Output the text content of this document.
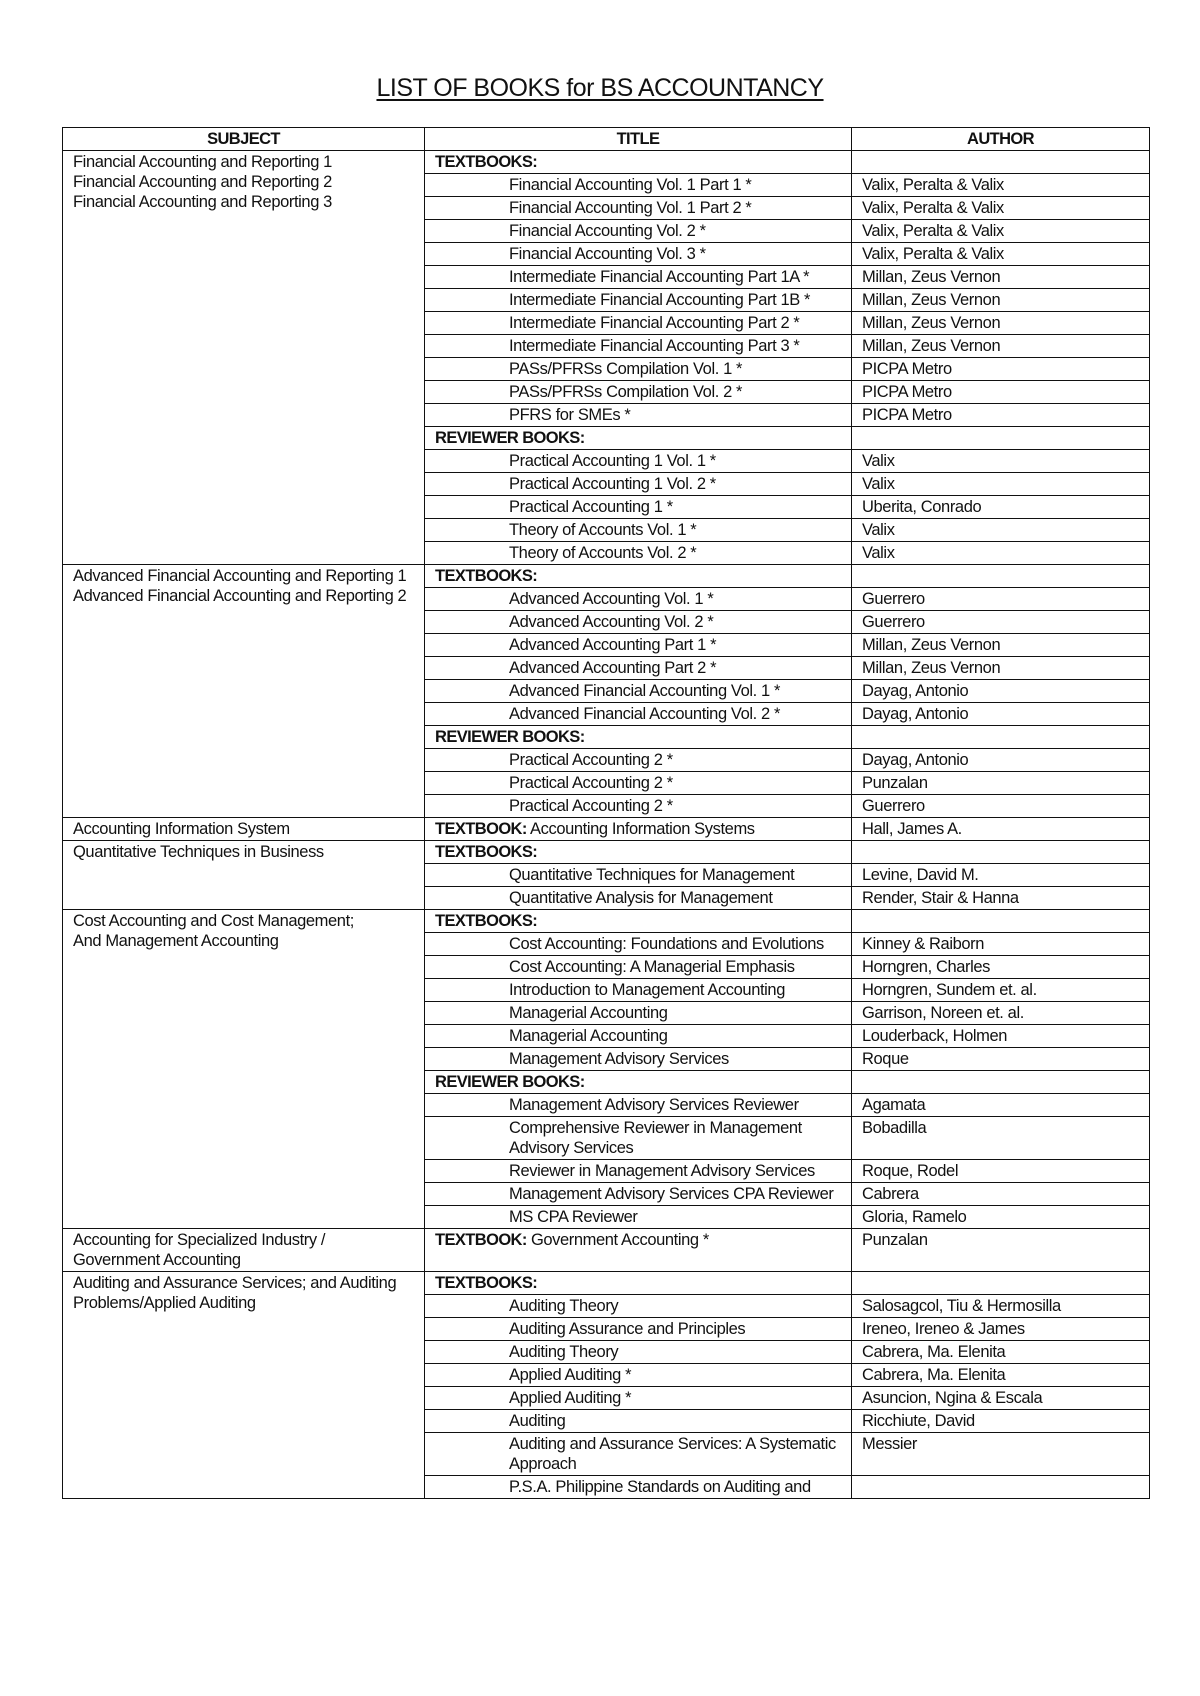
LIST OF BOOKS for BS ACCOUNTANCY
SUBJECT	TITLE	AUTHOR

Financial Accounting and Reporting 1
Financial Accounting and Reporting 2
Financial Accounting and Reporting 3	TEXTBOOKS:	
	Financial Accounting Vol. 1 Part 1 *	Valix, Peralta & Valix
	Financial Accounting Vol. 1 Part 2 *	Valix, Peralta & Valix
	Financial Accounting Vol. 2 *	Valix, Peralta & Valix
	Financial Accounting Vol. 3 *	Valix, Peralta & Valix
	Intermediate Financial Accounting Part 1A *	Millan, Zeus Vernon
	Intermediate Financial Accounting Part 1B *	Millan, Zeus Vernon
	Intermediate Financial Accounting Part 2 *	Millan, Zeus Vernon
	Intermediate Financial Accounting Part 3 *	Millan, Zeus Vernon
	PASs/PFRSs Compilation Vol. 1 *	PICPA Metro
	PASs/PFRSs Compilation Vol. 2 *	PICPA Metro
	PFRS for SMEs *	PICPA Metro
	REVIEWER BOOKS:	
	Practical Accounting 1 Vol. 1 *	Valix
	Practical Accounting 1 Vol. 2 *	Valix
	Practical Accounting 1 *	Uberita, Conrado
	Theory of Accounts Vol. 1 *	Valix
	Theory of Accounts Vol. 2 *	Valix

Advanced Financial Accounting and Reporting 1
Advanced Financial Accounting and Reporting 2	TEXTBOOKS:	
	Advanced Accounting Vol. 1 *	Guerrero
	Advanced Accounting Vol. 2 *	Guerrero
	Advanced Accounting Part 1 *	Millan, Zeus Vernon
	Advanced Accounting Part 2 *	Millan, Zeus Vernon
	Advanced Financial Accounting Vol. 1 *	Dayag, Antonio
	Advanced Financial Accounting Vol. 2 *	Dayag, Antonio
	REVIEWER BOOKS:	
	Practical Accounting 2 *	Dayag, Antonio
	Practical Accounting 2 *	Punzalan
	Practical Accounting 2 *	Guerrero

Accounting Information System	TEXTBOOK: Accounting Information Systems	Hall, James A.

Quantitative Techniques in Business	TEXTBOOKS:	
	Quantitative Techniques for Management	Levine, David M.
	Quantitative Analysis for Management	Render, Stair & Hanna

Cost Accounting and Cost Management;
And Management Accounting	TEXTBOOKS:	
	Cost Accounting: Foundations and Evolutions	Kinney & Raiborn
	Cost Accounting: A Managerial Emphasis	Horngren, Charles
	Introduction to Management Accounting	Horngren, Sundem et. al.
	Managerial Accounting	Garrison, Noreen et. al.
	Managerial Accounting	Louderback, Holmen
	Management Advisory Services	Roque
	REVIEWER BOOKS:	
	Management Advisory Services Reviewer	Agamata
	Comprehensive Reviewer in Management Advisory Services	Bobadilla
	Reviewer in Management Advisory Services	Roque, Rodel
	Management Advisory Services CPA Reviewer	Cabrera
	MS CPA Reviewer	Gloria, Ramelo

Accounting for Specialized Industry / Government Accounting	TEXTBOOK: Government Accounting *	Punzalan

Auditing and Assurance Services; and Auditing Problems/Applied Auditing	TEXTBOOKS:	
	Auditing Theory	Salosagcol, Tiu & Hermosilla
	Auditing Assurance and Principles	Ireneo, Ireneo & James
	Auditing Theory	Cabrera, Ma. Elenita
	Applied Auditing *	Cabrera, Ma. Elenita
	Applied Auditing *	Asuncion, Ngina & Escala
	Auditing	Ricchiute, David
	Auditing and Assurance Services: A Systematic Approach	Messier
	P.S.A. Philippine Standards on Auditing and	
